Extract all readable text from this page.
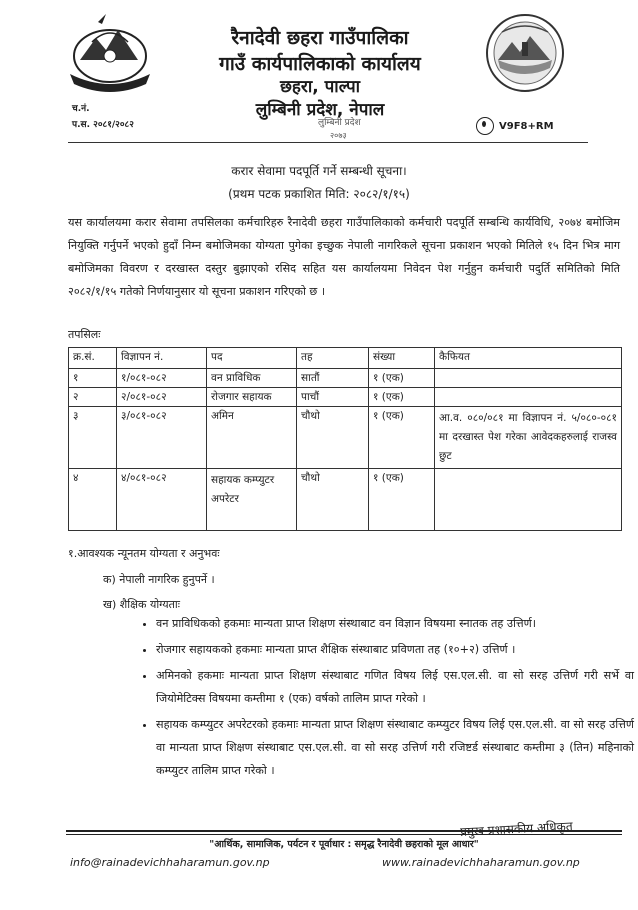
रैनादेवी छहरा गाउँपालिका
गाउँ कार्यपालिकाको कार्यालय
छहरा, पाल्पा
लुम्बिनी प्रदेश, नेपाल
लुम्बिनी प्रदेश
२०७३
च.नं.
प.स. २०८१/२०८२	V9F8+RM
करार सेवामा पदपूर्ति गर्ने सम्बन्धी सूचना।
(प्रथम पटक प्रकाशित मिति: २०८२/१/१५)
यस कार्यालयमा करार सेवामा तपसिलका कर्मचारिहरु रैनादेवी छहरा गाउँपालिकाको कर्मचारी पदपूर्ति सम्बन्धि कार्यविधि, २०७४ बमोजिम नियुक्ति गर्नुपर्ने भएको हुदाँ निम्न बमोजिमका योग्यता पुगेका इच्छुक नेपाली नागरिकले सूचना प्रकाशन भएको मितिले १५ दिन भित्र माग बमोजिमका विवरण र दरखास्त दस्तुर बुझाएको रसिद सहित यस कार्यालयमा निवेदन पेश गर्नुहुन कर्मचारी पदुर्ति समितिको मिति २०८२/१/१५ गतेको निर्णयानुसार यो सूचना प्रकाशन गरिएको छ ।
तपसिलः
क्र.सं.	विज्ञापन नं.	पद	तह	संख्या	कैफियत
१	१/०८१-०८२	वन प्राविधिक	सातौं	१ (एक)	
२	२/०८१-०८२	रोजगार सहायक	पाचौं	१ (एक)	
३	३/०८१-०८२	अमिन	चौथो	१ (एक)	आ.व. ०८०/०८१ मा विज्ञापन नं. ५/०८०-०८१ मा दरखास्त पेश गरेका आवेदकहरुलाई राजस्व छुट
४	४/०८१-०८२	सहायक कम्प्युटर अपरेटर	चौथो	१ (एक)	
१.आवश्यक न्यूनतम योग्यता र अनुभवः
क) नेपाली नागरिक हुनुपर्ने ।
ख) शैक्षिक योग्यताः
• वन प्राविधिकको हकमाः मान्यता प्राप्त शिक्षण संस्थाबाट वन विज्ञान विषयमा स्नातक तह उत्तिर्ण।
• रोजगार सहायकको हकमाः मान्यता प्राप्त शैक्षिक संस्थाबाट प्रविणता तह (१०+२) उत्तिर्ण ।
• अमिनको हकमाः मान्यता प्राप्त शिक्षण संस्थाबाट गणित विषय लिई एस.एल.सी. वा सो सरह उत्तिर्ण गरी सर्भे वा जियोमेटिक्स विषयमा कम्तीमा १ (एक) वर्षको तालिम प्राप्त गरेको ।
• सहायक कम्प्युटर अपरेटरको हकमाः मान्यता प्राप्त शिक्षण संस्थाबाट कम्प्युटर विषय लिई एस.एल.सी. वा सो सरह उत्तिर्ण वा मान्यता प्राप्त शिक्षण संस्थाबाट एस.एल.सी. वा सो सरह उत्तिर्ण गरी रजिष्टर्ड संस्थाबाट कम्तीमा ३ (तिन) महिनाको कम्प्युटर तालिम प्राप्त गरेको ।
प्रमुख प्रशासकीय अधिकृत
"आर्थिक, सामाजिक, पर्यटन र पूर्वाधार : समृद्ध रैनादेवी छहराको मूल आधार"
info@rainadevichhaharamun.gov.np	www.rainadevichhaharamun.gov.np
